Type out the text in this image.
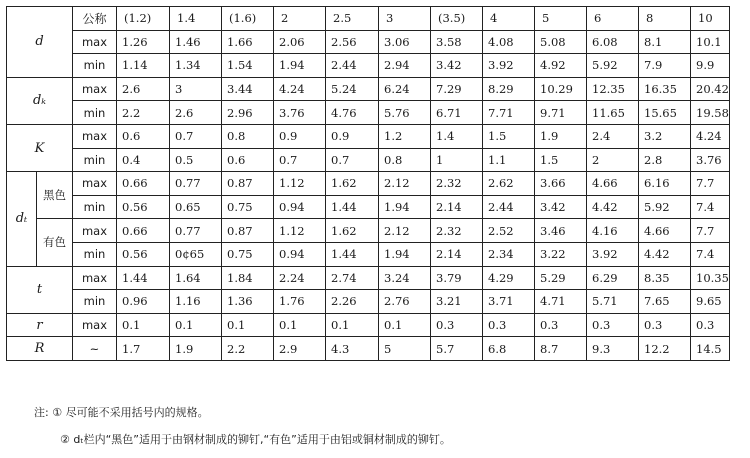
d		公称	(1.2)	1.4	(1.6)	2	2.5	3	(3.5)	4	5	6	8	10
		max	1.26	1.46	1.66	2.06	2.56	3.06	3.58	4.08	5.08	6.08	8.1	10.1
		min	1.14	1.34	1.54	1.94	2.44	2.94	3.42	3.92	4.92	5.92	7.9	9.9
dₖ		max	2.6	3	3.44	4.24	5.24	6.24	7.29	8.29	10.29	12.35	16.35	20.42
		min	2.2	2.6	2.96	3.76	4.76	5.76	6.71	7.71	9.71	11.65	15.65	19.58
K		max	0.6	0.7	0.8	0.9	0.9	1.2	1.4	1.5	1.9	2.4	3.2	4.24
		min	0.4	0.5	0.6	0.7	0.7	0.8	1	1.1	1.5	2	2.8	3.76
dₜ	黑色	max	0.66	0.77	0.87	1.12	1.62	2.12	2.32	2.62	3.66	4.66	6.16	7.7
		min	0.56	0.65	0.75	0.94	1.44	1.94	2.14	2.44	3.42	4.42	5.92	7.4
	有色	max	0.66	0.77	0.87	1.12	1.62	2.12	2.32	2.52	3.46	4.16	4.66	7.7
		min	0.56	0¢65	0.75	0.94	1.44	1.94	2.14	2.34	3.22	3.92	4.42	7.4
t		max	1.44	1.64	1.84	2.24	2.74	3.24	3.79	4.29	5.29	6.29	8.35	10.35
		min	0.96	1.16	1.36	1.76	2.26	2.76	3.21	3.71	4.71	5.71	7.65	9.65
r		max	0.1	0.1	0.1	0.1	0.1	0.1	0.3	0.3	0.3	0.3	0.3	0.3
R		~	1.7	1.9	2.2	2.9	4.3	5	5.7	6.8	8.7	9.3	12.2	14.5
注: ① 尽可能不采用括号内的规格。
② dₜ栏内“黑色”适用于由钢材制成的铆钉,“有色”适用于由铝或铜材制成的铆钉。
